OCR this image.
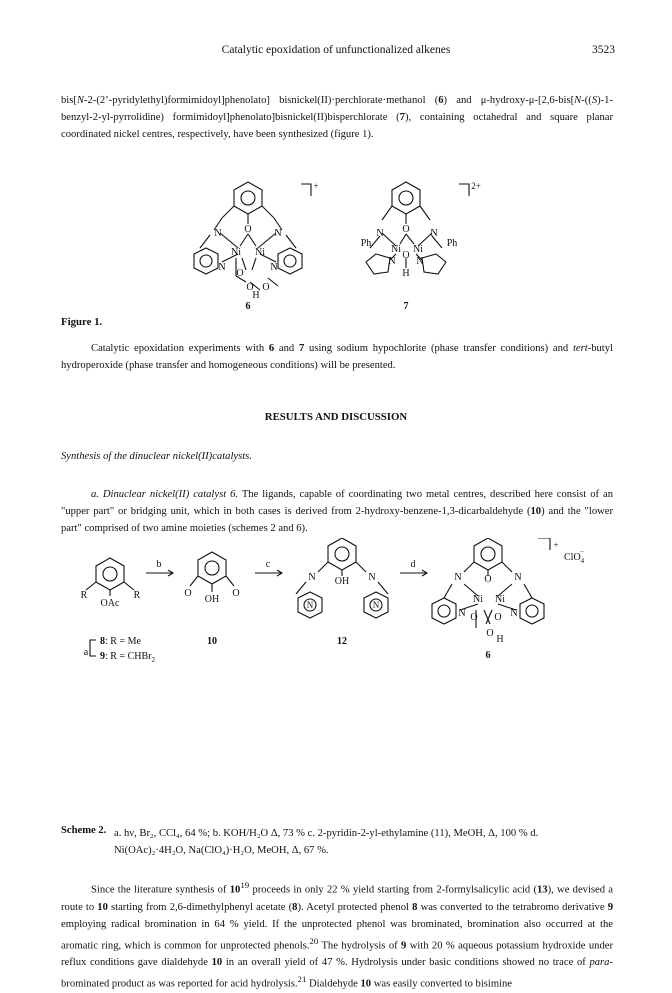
Catalytic epoxidation of unfunctionalized alkenes	3523

bis[N-2-(2’-pyridylethyl)formimidoyl]phenolato] bisnickel(II)·perchlorate·methanol (6) and μ-hydroxy-μ-[2,6-bis[N-((S)-1-benzyl-2-yl-pyrrolidine) formimidoyl]phenolato]bisnickel(II)bisperchlorate (7), containing octahedral and square planar coordinated nickel centres, respectively, have been synthesized (figure 1).

N O N
Ni Ni
N	N
O
O O
H
+
6
N O N
Ni Ni
O
H
N N
Ph	Ph
2+
7
Figure 1.

Catalytic epoxidation experiments with 6 and 7 using sodium hypochlorite (phase transfer conditions) and tert-butyl hydroperoxide (phase transfer and homogeneous conditions) will be presented.

RESULTS AND DISCUSSION
Synthesis of the dinuclear nickel(II)catalysts.

a. Dinuclear nickel(II) catalyst 6. The ligands, capable of coordinating two metal centres, described here consist of an "upper part" or bridging unit, which in both cases is derived from 2-hydroxy-benzene-1,3-dicarbaldehyde (10) and the "lower part" comprised of two amine moieties (schemes 2 and 6).

R	R
OAc
b
O
OH
O
c
N OH N
N	N
d
N O N
Ni Ni
N	N
O
O
O
H
+
ClO$_4$−
a
8: R = Me
9: R = CHBr$_2$
10	12
6
Scheme 2. a. hν, Br₂, CCl₄, 64 %; b. KOH/H₂O Δ, 73 % c. 2-pyridin-2-yl-ethylamine (11), MeOH, Δ, 100 % d. Ni(OAc)₂·4H₂O, Na(ClO₄)·H₂O, MeOH, Δ, 67 %.

Since the literature synthesis of $10^{19}$ proceeds in only 22 % yield starting from 2-formylsalicylic acid (13), we devised a route to 10 starting from 2,6-dimethylphenyl acetate (8). Acetyl protected phenol 8 was converted to the tetrabromo derivative 9 employing radical bromination in 64 % yield. If the unprotected phenol was brominated, bromination also occurred at the aromatic ring, which is common for unprotected phenols.$^{20}$ The hydrolysis of 9 with 20 % aqueous potassium hydroxide under reflux conditions gave dialdehyde 10 in an overall yield of 47 %. Hydrolysis under basic conditions showed no trace of para-brominated product as was reported for acid hydrolysis.$^{21}$ Dialdehyde 10 was easily converted to bisimine
